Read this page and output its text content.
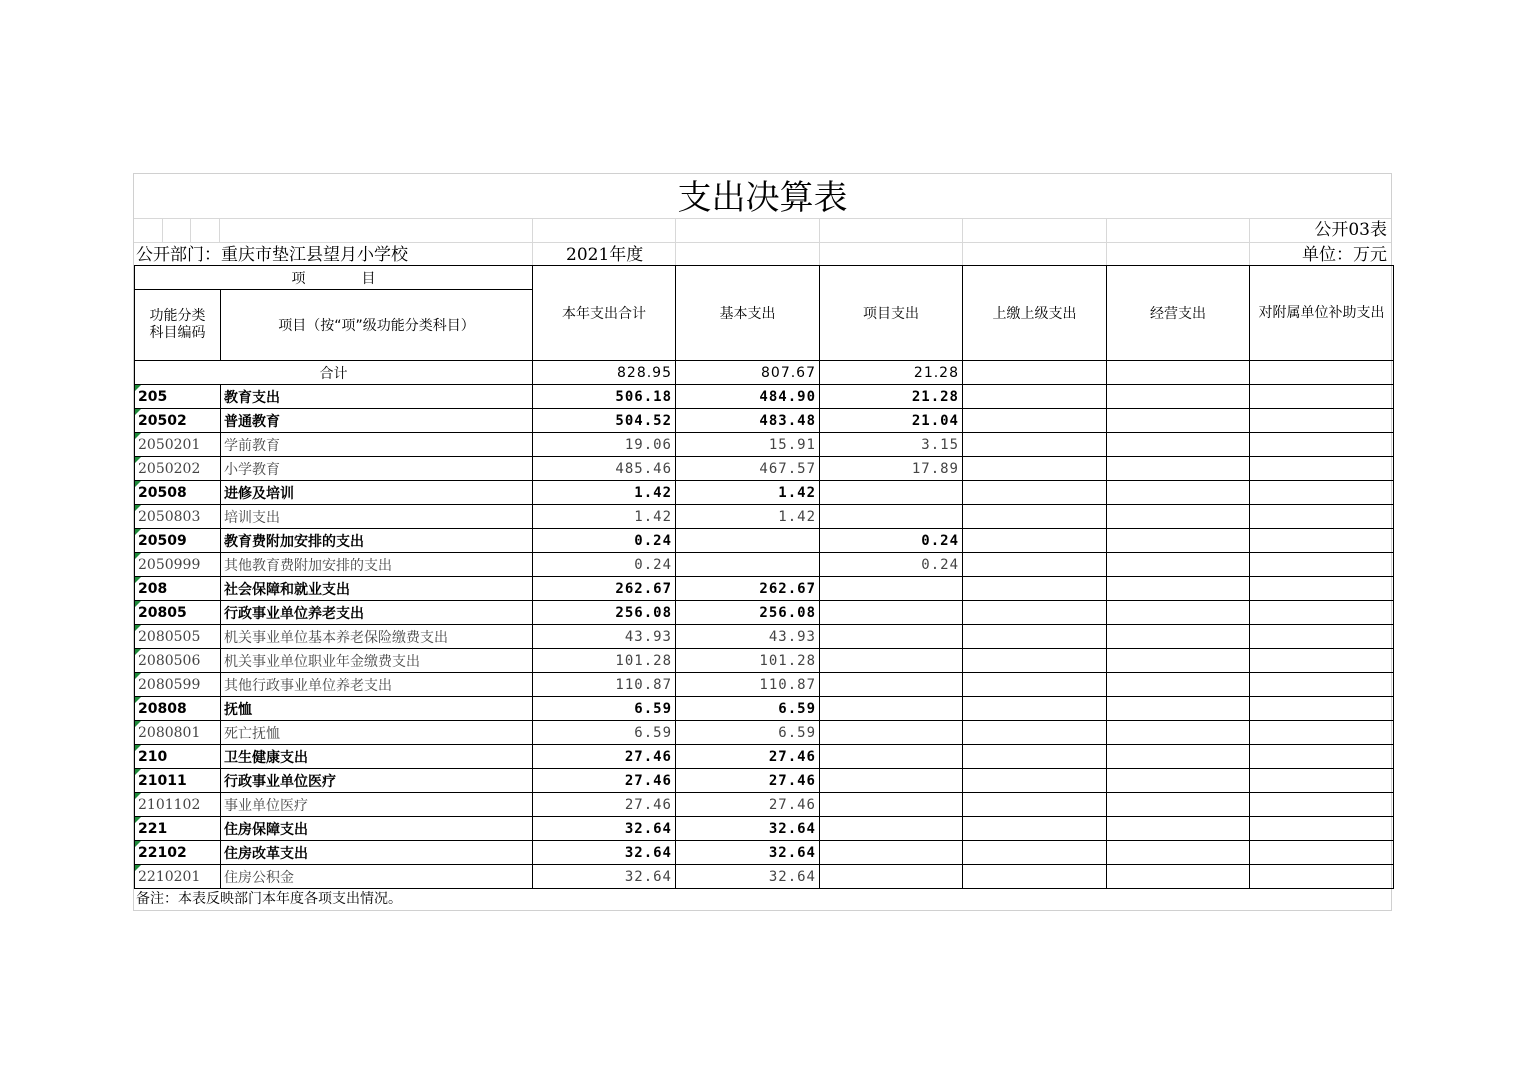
支出决算表
公开03表
公开部门：重庆市垫江县望月小学校	2021年度	单位：万元
项　　　　目		本年支出合计	基本支出	项目支出	上缴上级支出	经营支出	对附属单位补助支出
功能分类科目编码	项目（按“项”级功能分类科目）						
合计		828.95	807.67	21.28			
205	教育支出	506.18	484.90	21.28			
20502	普通教育	504.52	483.48	21.04			
2050201	学前教育	19.06	15.91	3.15			
2050202	小学教育	485.46	467.57	17.89			
20508	进修及培训	1.42	1.42				
2050803	培训支出	1.42	1.42				
20509	教育费附加安排的支出	0.24		0.24			
2050999	其他教育费附加安排的支出	0.24		0.24			
208	社会保障和就业支出	262.67	262.67				
20805	行政事业单位养老支出	256.08	256.08				
2080505	机关事业单位基本养老保险缴费支出	43.93	43.93				
2080506	机关事业单位职业年金缴费支出	101.28	101.28				
2080599	其他行政事业单位养老支出	110.87	110.87				
20808	抚恤	6.59	6.59				
2080801	死亡抚恤	6.59	6.59				
210	卫生健康支出	27.46	27.46				
21011	行政事业单位医疗	27.46	27.46				
2101102	事业单位医疗	27.46	27.46				
221	住房保障支出	32.64	32.64				
22102	住房改革支出	32.64	32.64				
2210201	住房公积金	32.64	32.64				
备注：本表反映部门本年度各项支出情况。
